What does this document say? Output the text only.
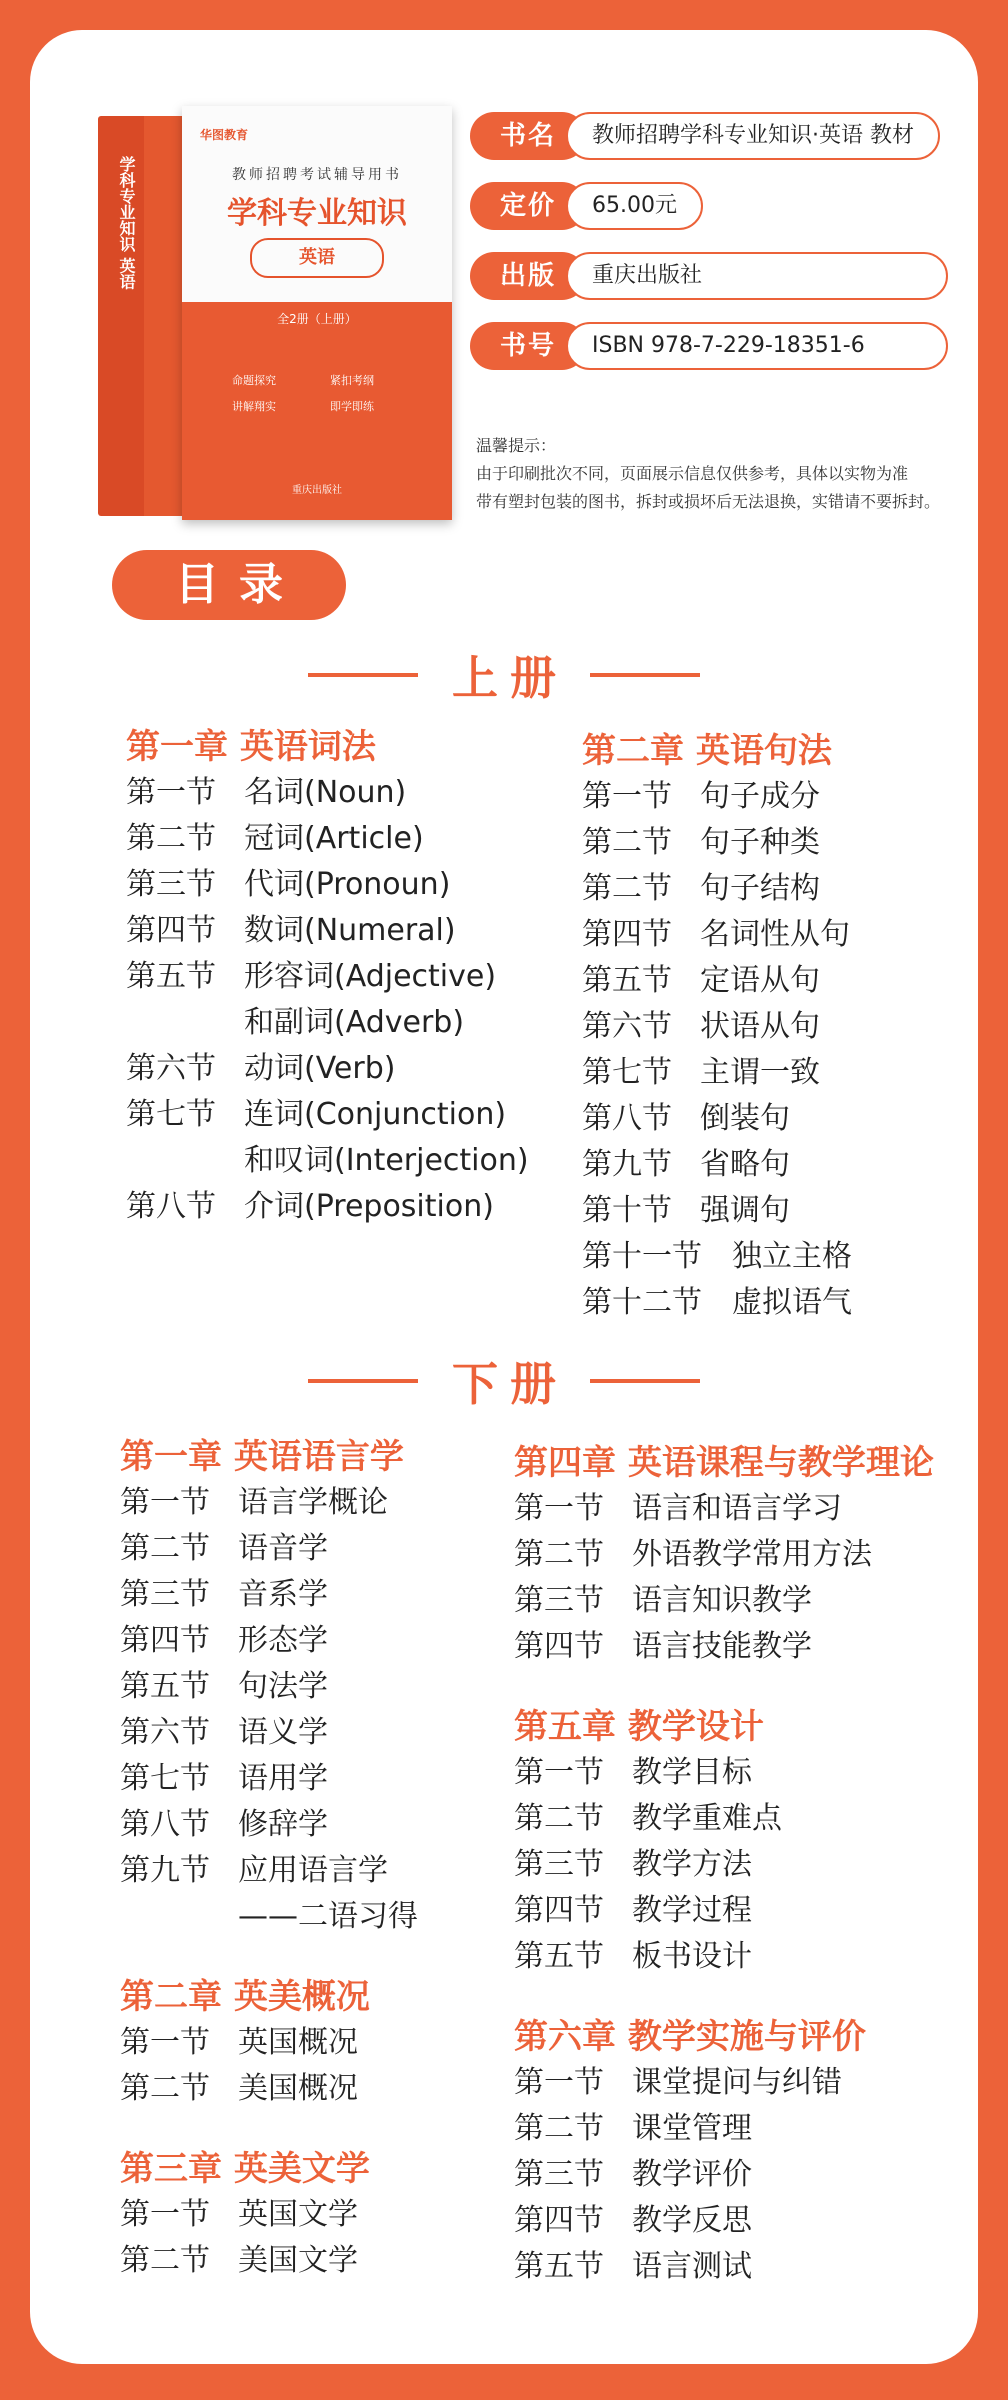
学科专业知识 英语
华图教育
教师招聘考试辅导用书
学科专业知识
英语
全2册（上册）
命题探究	紧扣考纲
讲解翔实	即学即练
重庆出版社
书名	教师招聘学科专业知识·英语 教材
定价	65.00元
出版	重庆出版社
书号	ISBN 978-7-229-18351-6
温馨提示：
由于印刷批次不同，页面展示信息仅供参考，具体以实物为准
带有塑封包装的图书，拆封或损坏后无法退换，实错请不要拆封。
目录
上册
第一章 英语词法
第一节 名词(Noun)
第二节 冠词(Article)
第三节 代词(Pronoun)
第四节 数词(Numeral)
第五节 形容词(Adjective)
和副词(Adverb)
第六节 动词(Verb)
第七节 连词(Conjunction)
和叹词(Interjection)
第八节 介词(Preposition)
第二章 英语句法
第一节 句子成分
第二节 句子种类
第二节 句子结构
第四节 名词性从句
第五节 定语从句
第六节 状语从句
第七节 主谓一致
第八节 倒装句
第九节 省略句
第十节 强调句
第十一节 独立主格
第十二节 虚拟语气
下册
第一章 英语语言学
第一节 语言学概论
第二节 语音学
第三节 音系学
第四节 形态学
第五节 句法学
第六节 语义学
第七节 语用学
第八节 修辞学
第九节 应用语言学
——二语习得
第二章 英美概况
第一节 英国概况
第二节 美国概况
第三章 英美文学
第一节 英国文学
第二节 美国文学
第四章 英语课程与教学理论
第一节 语言和语言学习
第二节 外语教学常用方法
第三节 语言知识教学
第四节 语言技能教学
第五章 教学设计
第一节 教学目标
第二节 教学重难点
第三节 教学方法
第四节 教学过程
第五节 板书设计
第六章 教学实施与评价
第一节 课堂提问与纠错
第二节 课堂管理
第三节 教学评价
第四节 教学反思
第五节 语言测试
